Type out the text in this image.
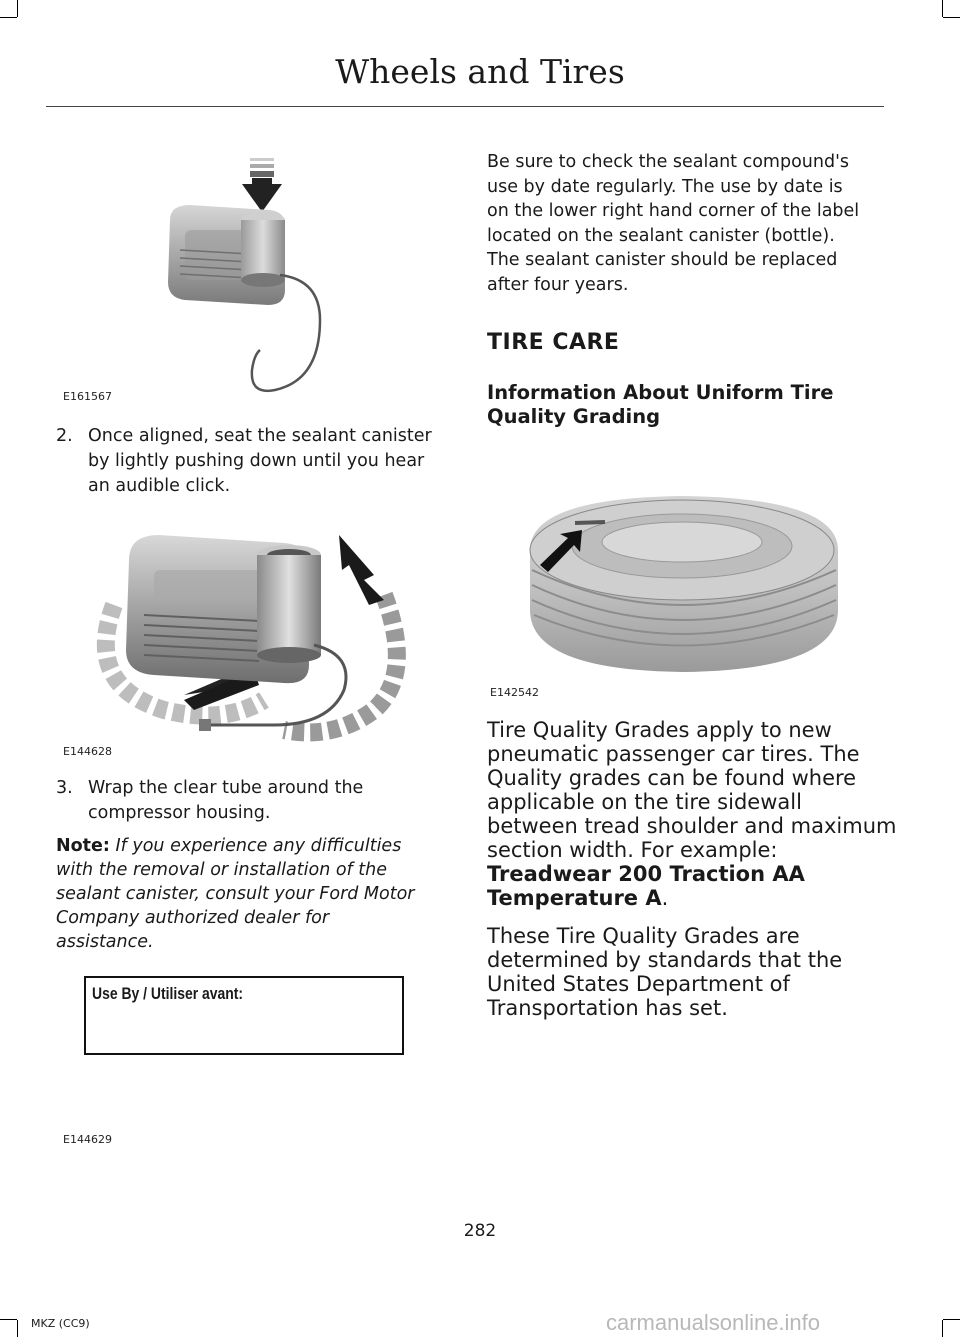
Wheels and Tires
E161567
2. Once aligned, seat the sealant canister
by lightly pushing down until you hear
an audible click.
E144628
3. Wrap the clear tube around the
compressor housing.
Note: If you experience any difficulties
with the removal or installation of the
sealant canister, consult your Ford Motor
Company authorized dealer for
assistance.
Use By / Utiliser avant:
E144629
Be sure to check the sealant compound's
use by date regularly. The use by date is
on the lower right hand corner of the label
located on the sealant canister (bottle).
The sealant canister should be replaced
after four years.
TIRE CARE
Information About Uniform Tire
Quality Grading
E142542
Tire Quality Grades apply to new
pneumatic passenger car tires. The
Quality grades can be found where
applicable on the tire sidewall
between tread shoulder and maximum
section width. For example:
Treadwear 200 Traction AA
Temperature A.
These Tire Quality Grades are
determined by standards that the
United States Department of
Transportation has set.
282
MKZ (CC9)	carmanualsonline.info
